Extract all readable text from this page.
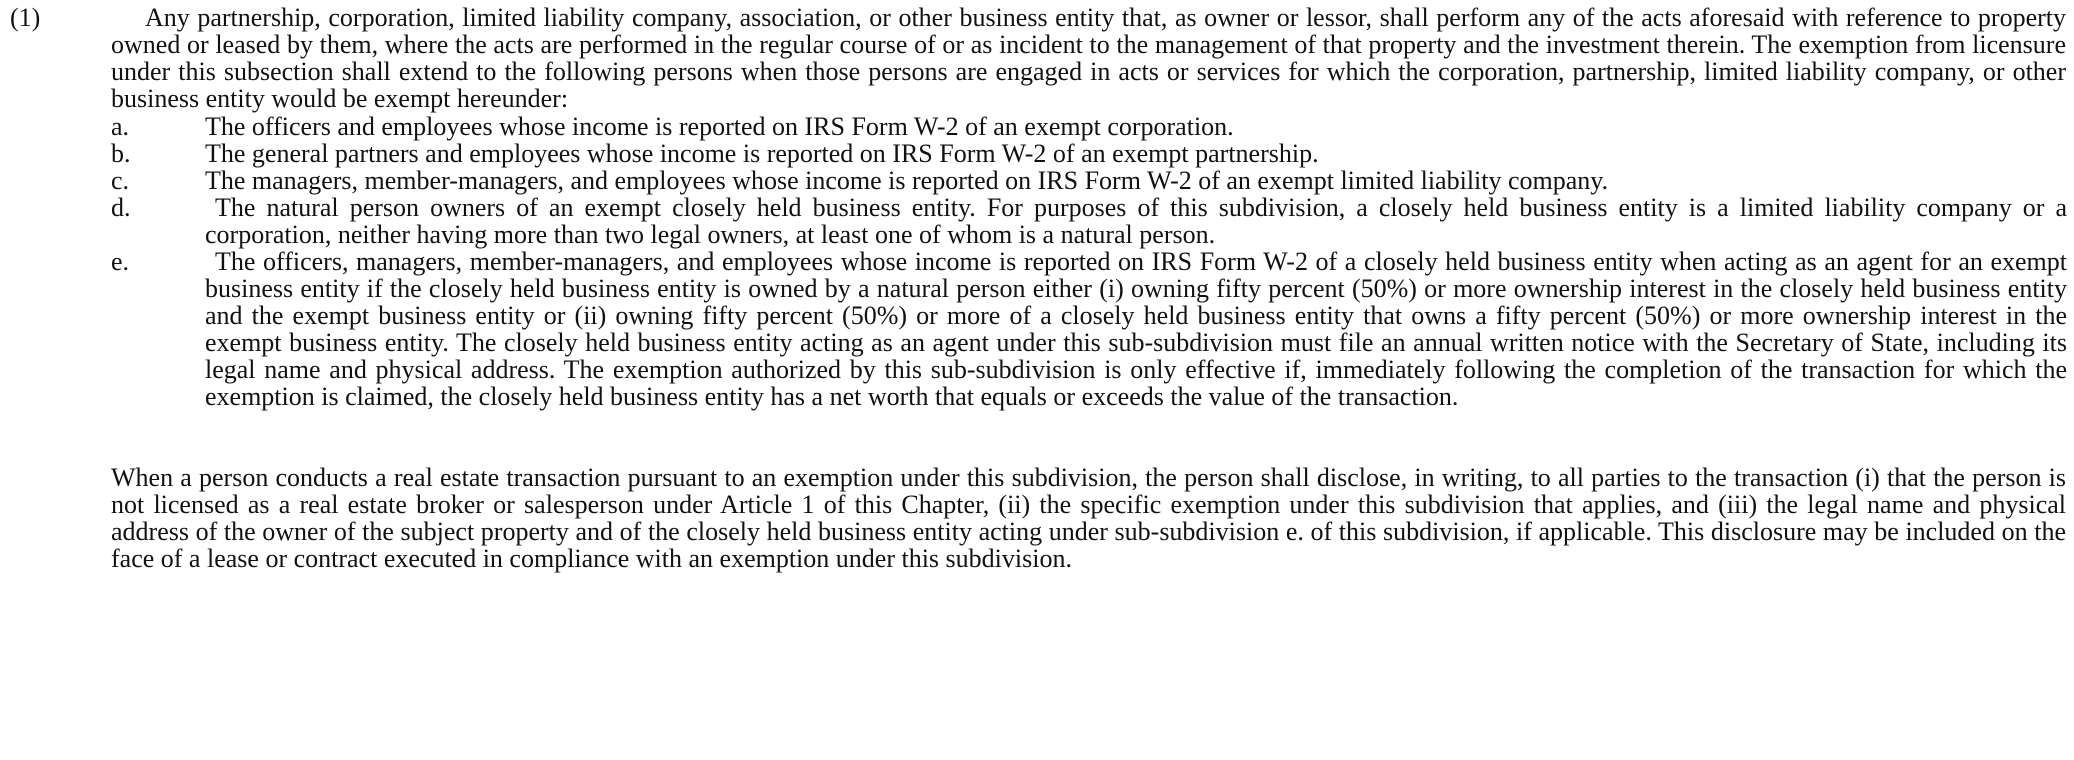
(1)	Any partnership, corporation, limited liability company, association, or other business entity that, as owner or lessor, shall perform any of the acts aforesaid with reference to property owned or leased by them, where the acts are performed in the regular course of or as incident to the management of that property and the investment therein. The exemption from licensure under this subsection shall extend to the following persons when those persons are engaged in acts or services for which the corporation, partnership, limited liability company, or other business entity would be exempt hereunder:

a.	The officers and employees whose income is reported on IRS Form W-2 of an exempt corporation.
b.	The general partners and employees whose income is reported on IRS Form W-2 of an exempt partnership.
c.	The managers, member-managers, and employees whose income is reported on IRS Form W-2 of an exempt limited liability company.
d.	The natural person owners of an exempt closely held business entity. For purposes of this subdivision, a closely held business entity is a limited liability company or a corporation, neither having more than two legal owners, at least one of whom is a natural person.
e.	The officers, managers, member-managers, and employees whose income is reported on IRS Form W-2 of a closely held business entity when acting as an agent for an exempt business entity if the closely held business entity is owned by a natural person either (i) owning fifty percent (50%) or more ownership interest in the closely held business entity and the exempt business entity or (ii) owning fifty percent (50%) or more of a closely held business entity that owns a fifty percent (50%) or more ownership interest in the exempt business entity. The closely held business entity acting as an agent under this sub-subdivision must file an annual written notice with the Secretary of State, including its legal name and physical address. The exemption authorized by this sub-subdivision is only effective if, immediately following the completion of the transaction for which the exemption is claimed, the closely held business entity has a net worth that equals or exceeds the value of the transaction.

When a person conducts a real estate transaction pursuant to an exemption under this subdivision, the person shall disclose, in writing, to all parties to the transaction (i) that the person is not licensed as a real estate broker or salesperson under Article 1 of this Chapter, (ii) the specific exemption under this subdivision that applies, and (iii) the legal name and physical address of the owner of the subject property and of the closely held business entity acting under sub-subdivision e. of this subdivision, if applicable. This disclosure may be included on the face of a lease or contract executed in compliance with an exemption under this subdivision.
